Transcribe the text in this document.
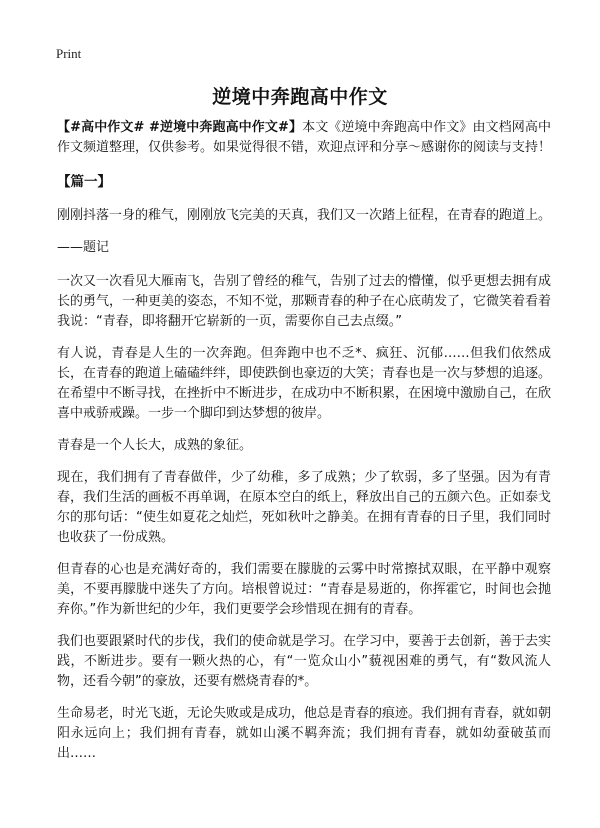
Print
逆境中奔跑高中作文

【#高中作文# #逆境中奔跑高中作文#】本文《逆境中奔跑高中作文》由文档网高中作文频道整理，仅供参考。如果觉得很不错，欢迎点评和分享～感谢你的阅读与支持！

【篇一】

刚刚抖落一身的稚气，刚刚放飞完美的天真，我们又一次踏上征程，在青春的跑道上。

——题记

一次又一次看见大雁南飞，告别了曾经的稚气，告别了过去的懵懂，似乎更想去拥有成长的勇气，一种更美的姿态，不知不觉，那颗青春的种子在心底萌发了，它微笑着看着我说：“青春，即将翻开它崭新的一页，需要你自己去点缀。”

有人说，青春是人生的一次奔跑。但奔跑中也不乏*、疯狂、沉郁……但我们依然成长，在青春的跑道上磕磕绊绊，即使跌倒也豪迈的大笑；青春也是一次与梦想的追逐。在希望中不断寻找，在挫折中不断进步，在成功中不断积累，在困境中激励自己，在欣喜中戒骄戒躁。一步一个脚印到达梦想的彼岸。

青春是一个人长大，成熟的象征。

现在，我们拥有了青春做伴，少了幼稚，多了成熟；少了软弱，多了坚强。因为有青春，我们生活的画板不再单调，在原本空白的纸上，释放出自己的五颜六色。正如泰戈尔的那句话：“使生如夏花之灿烂，死如秋叶之静美。在拥有青春的日子里，我们同时也收获了一份成熟。

但青春的心也是充满好奇的，我们需要在朦胧的云雾中时常擦拭双眼，在平静中观察美，不要再朦胧中迷失了方向。培根曾说过：“青春是易逝的，你挥霍它，时间也会抛弃你。”作为新世纪的少年，我们更要学会珍惜现在拥有的青春。

我们也要跟紧时代的步伐，我们的使命就是学习。在学习中，要善于去创新，善于去实践，不断进步。要有一颗火热的心，有“一览众山小”藐视困难的勇气，有“数风流人物，还看今朝”的豪放，还要有燃烧青春的*。

生命易老，时光飞逝，无论失败或是成功，他总是青春的痕迹。我们拥有青春，就如朝阳永远向上；我们拥有青春，就如山溪不羁奔流；我们拥有青春，就如幼蚕破茧而出……
